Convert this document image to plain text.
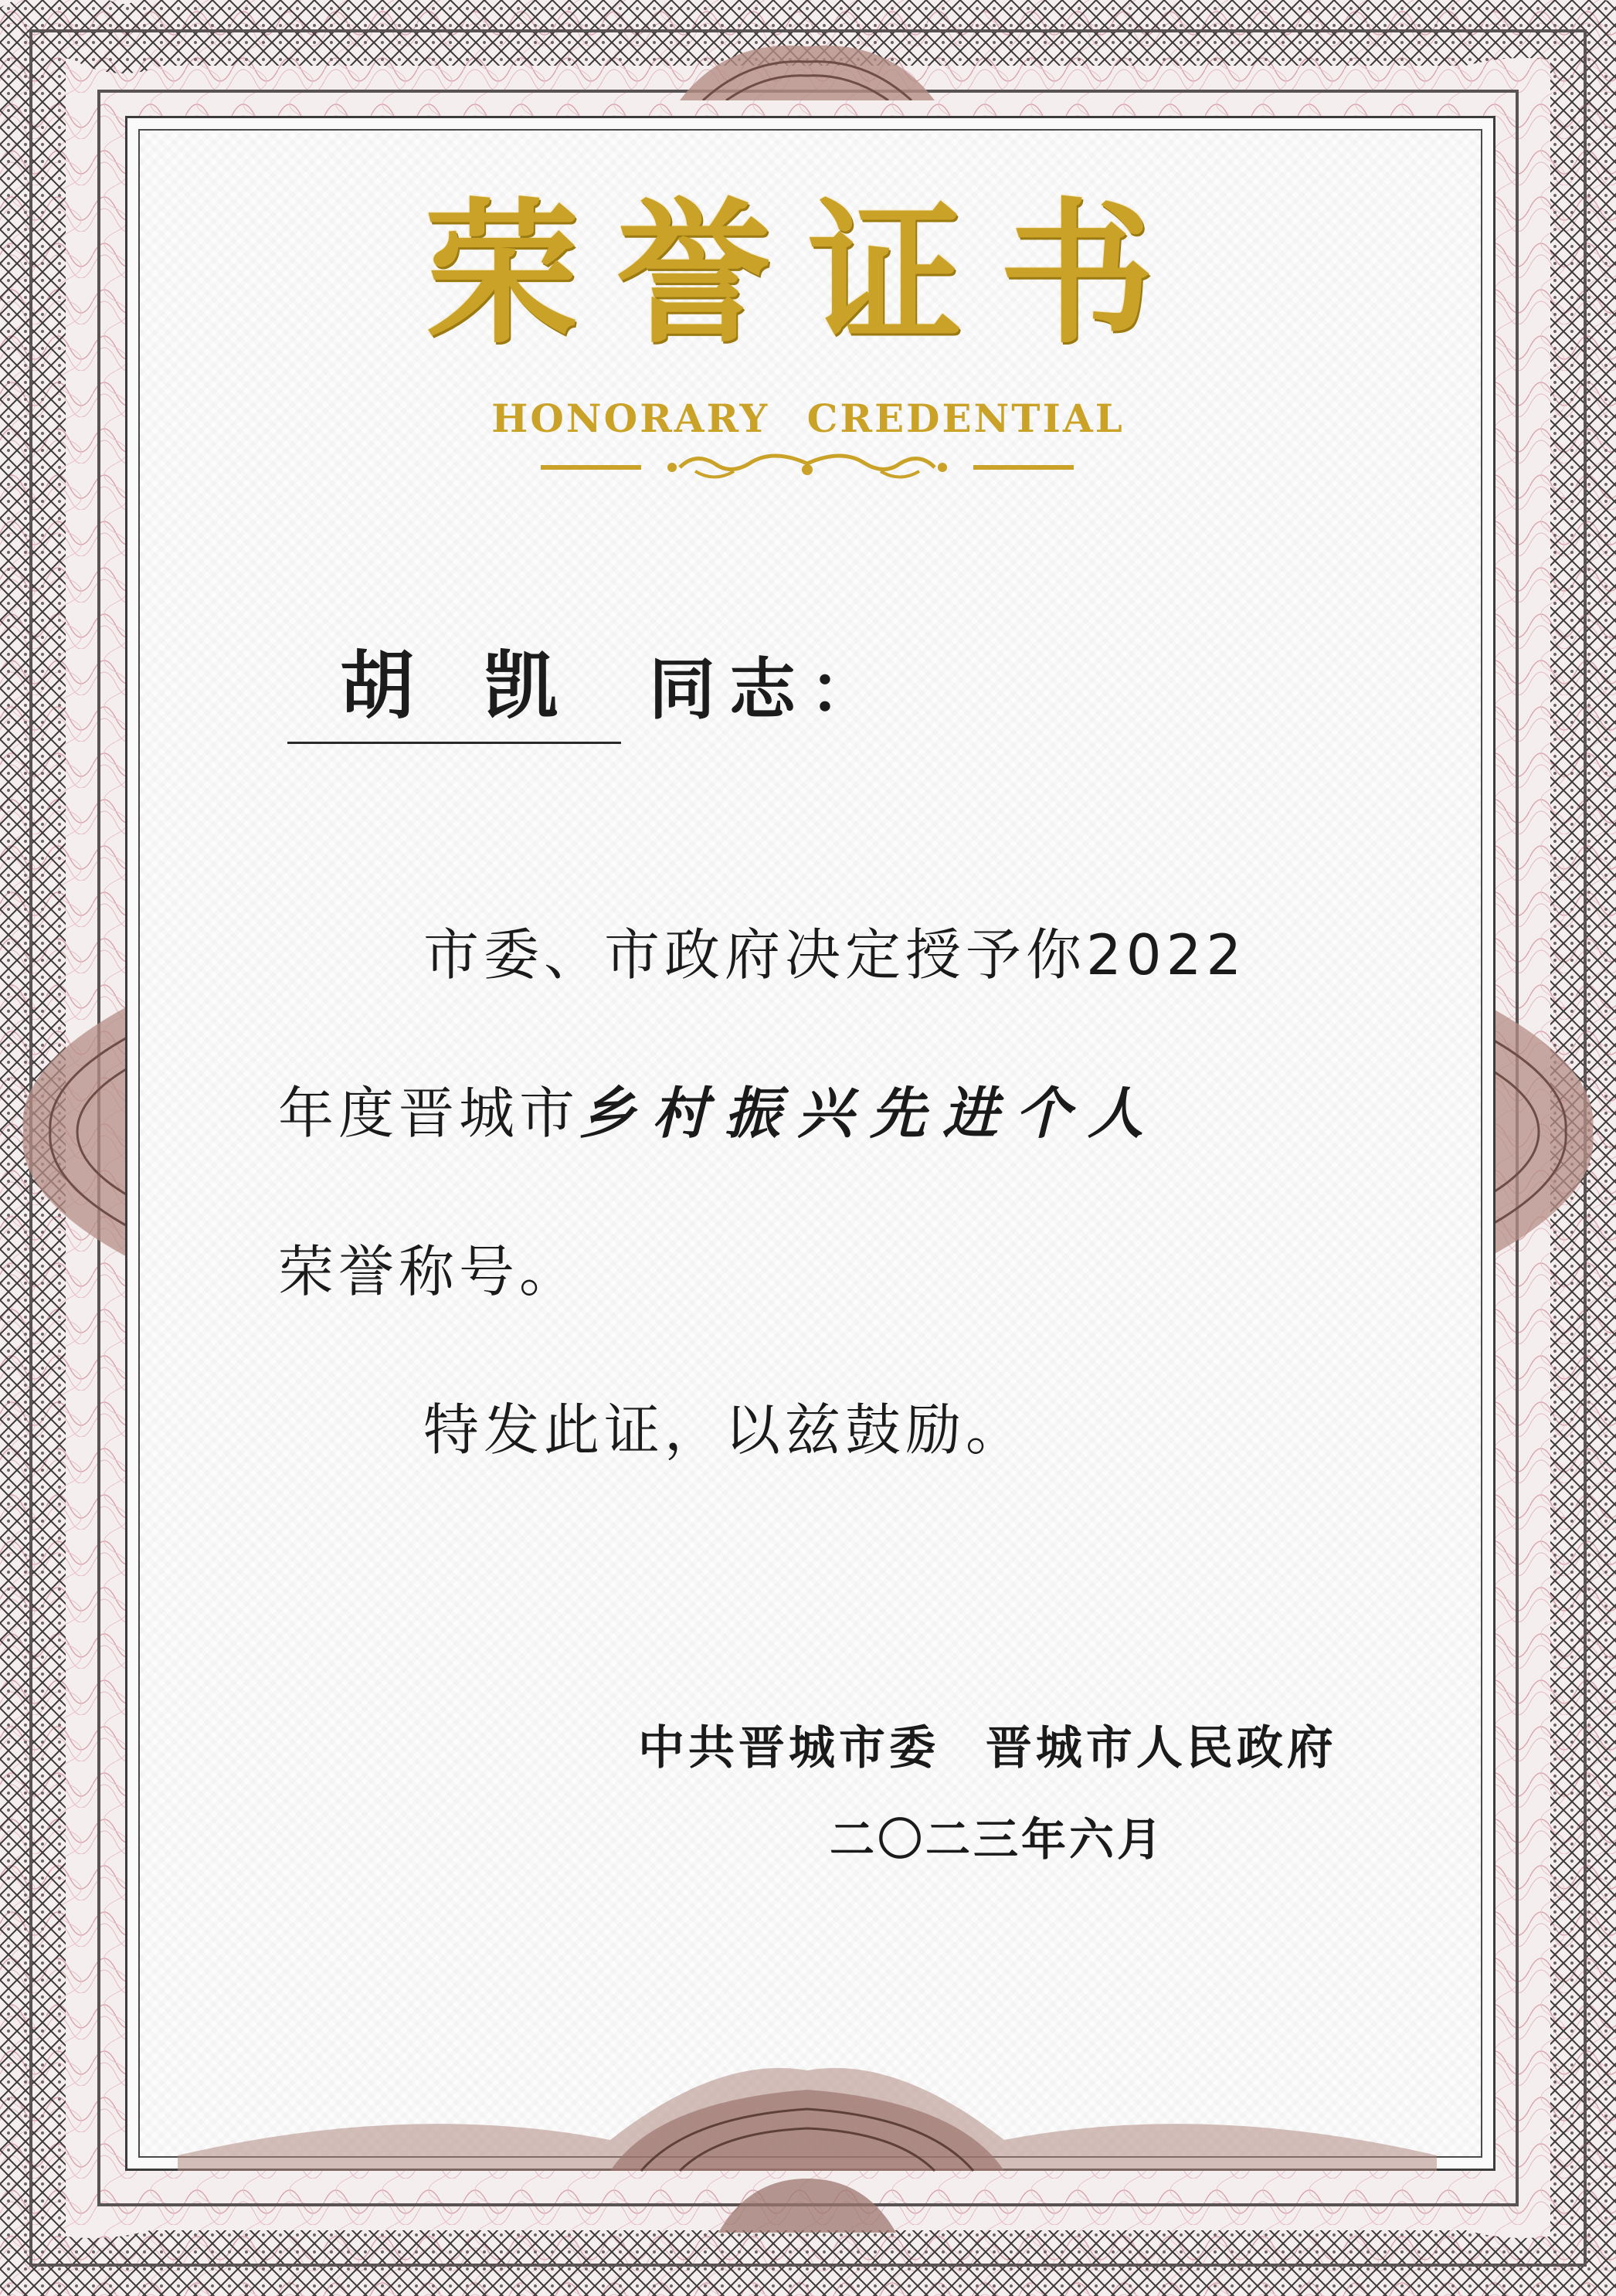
荣誉证书
HONORARY CREDENTIAL
胡凯 同志：
市委、市政府决定授予你2022
年度晋城市乡村振兴先进个人
荣誉称号。
特发此证，以兹鼓励。
中共晋城市委 晋城市人民政府
二〇二三年六月
